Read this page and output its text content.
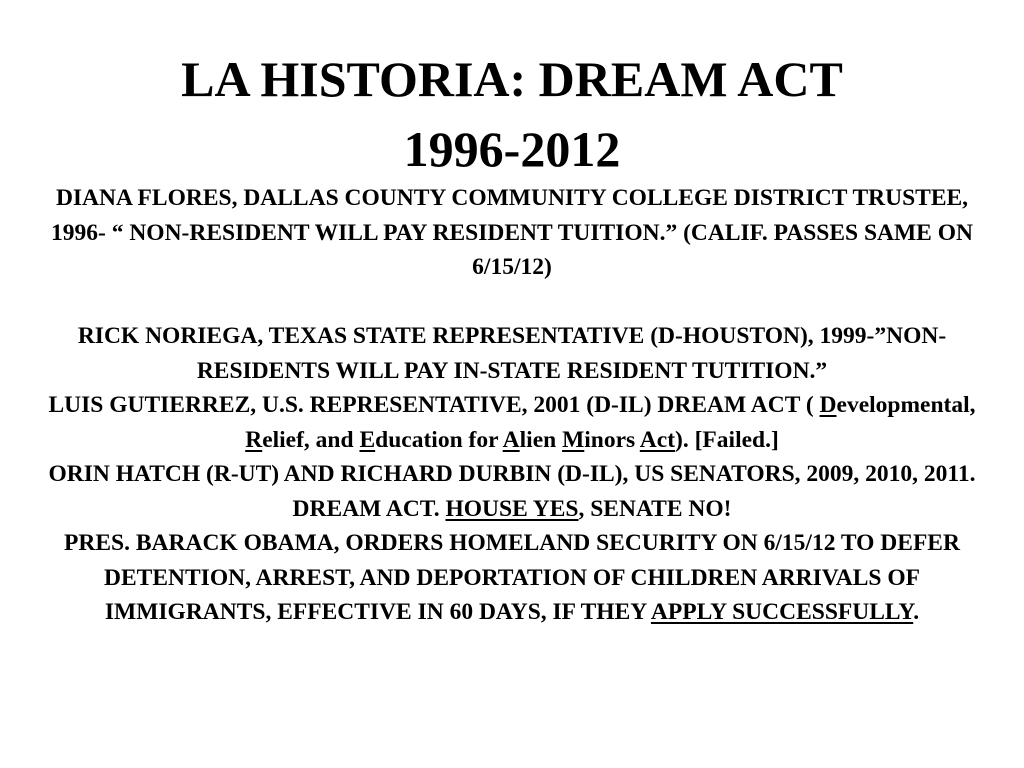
LA HISTORIA: DREAM ACT
1996-2012

DIANA FLORES, DALLAS COUNTY COMMUNITY COLLEGE DISTRICT TRUSTEE, 1996- “ NON-RESIDENT WILL PAY RESIDENT TUITION.” (CALIF. PASSES SAME ON 6/15/12)

RICK NORIEGA, TEXAS STATE REPRESENTATIVE (D-HOUSTON), 1999-”NON-RESIDENTS WILL PAY IN-STATE RESIDENT TUTITION.”

LUIS GUTIERREZ, U.S. REPRESENTATIVE, 2001 (D-IL) DREAM ACT ( Developmental, Relief, and Education for Alien Minors Act). [Failed.]

ORIN HATCH (R-UT) AND RICHARD DURBIN (D-IL), US SENATORS, 2009, 2010, 2011. DREAM ACT. HOUSE YES, SENATE NO!

PRES. BARACK OBAMA, ORDERS HOMELAND SECURITY ON 6/15/12 TO DEFER DETENTION, ARREST, AND DEPORTATION OF CHILDREN ARRIVALS OF IMMIGRANTS, EFFECTIVE IN 60 DAYS, IF THEY APPLY SUCCESSFULLY.
